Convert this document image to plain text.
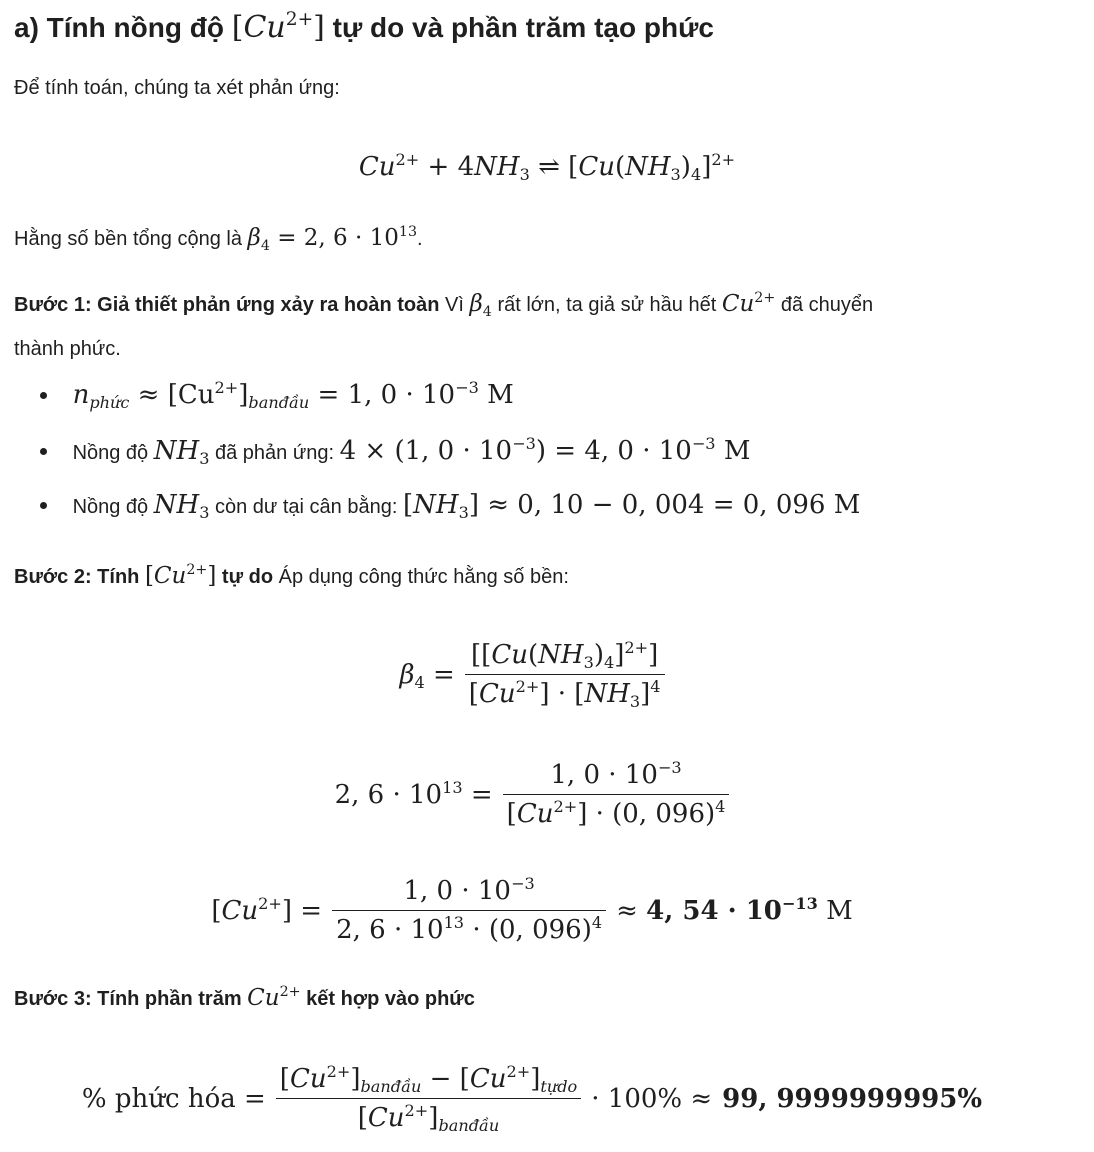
a) Tính nồng độ $[Cu^{2+}]$ tự do và phần trăm tạo phức
Để tính toán, chúng ta xét phản ứng:
$Cu^{2+} + 4NH_3$ ⇌ $[Cu(NH_3)_4]^{2+}$
Hằng số bền tổng cộng là $\beta_4 = 2$, $6 \cdot 10^{13}$.
Bước 1: Giả thiết phản ứng xảy ra hoàn toàn Vì $\beta_4$ rất lớn, ta giả sử hầu hết $Cu^{2+}$ đã chuyển
thành phức.
$n_{phức} \approx [Cu^{2+}]_{banđầu} = 1$, $0 \cdot 10^{-3}$ M
Nồng độ $NH_3$ đã phản ứng: 4 × (1, $0 \cdot 10^{-3}) = 4$, $0 \cdot 10^{-3}$ M
Nồng độ $NH_3$ còn dư tại cân bằng: $[NH_3] \approx 0$, 10 − 0, 004 = 0, 096 M
Bước 2: Tính $[Cu^{2+}]$ tự do Áp dụng công thức hằng số bền:
$\beta_4 = \frac{[[Cu(NH_3)_4]^{2+}]}{[Cu^{2+}] \cdot [NH_3]^4}$
2, $6 \cdot 10^{13} = \frac{1, 0 \cdot 10^{-3}}{[Cu^{2+}] \cdot (0, 096)^4}$
$[Cu^{2+}] = \frac{1, 0 \cdot 10^{-3}}{2, 6 \cdot 10^{13} \cdot (0, 096)^4} \approx 4$, $54 \cdot 10^{-13}$ M
Bước 3: Tính phần trăm $Cu^{2+}$ kết hợp vào phức
% phức hóa = $\frac{[Cu^{2+}]_{banđầu} - [Cu^{2+}]_{tựdo}}{[Cu^{2+}]_{banđầu}} \cdot 100\% \approx 99$, 9999999995%
